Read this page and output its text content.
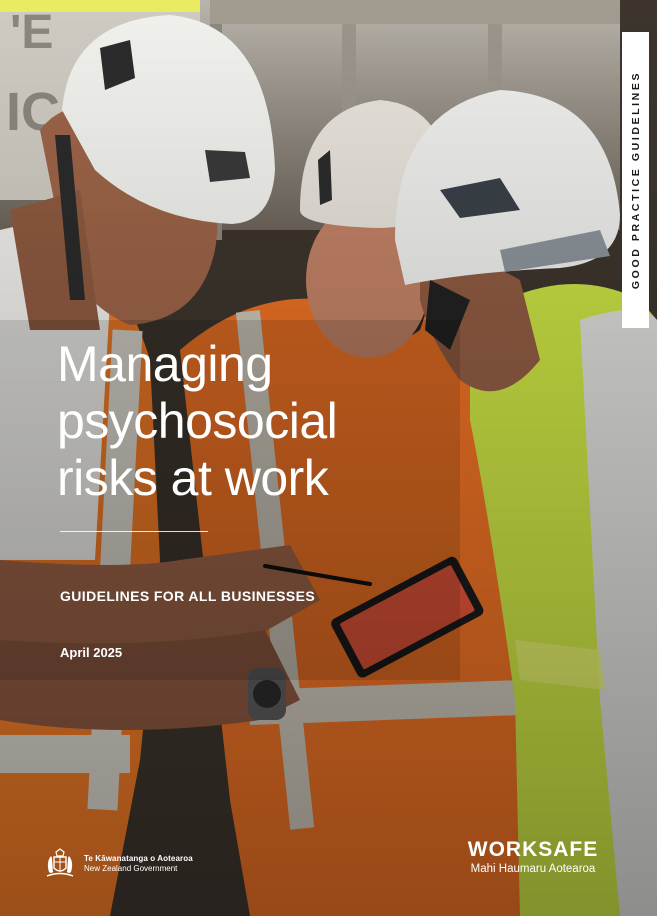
GOOD PRACTICE GUIDELINES
Managing
psychosocial
risks at work
GUIDELINES FOR ALL BUSINESSES
April 2025
Te Kāwanatanga o Aotearoa
New Zealand Government
WORKSAFE
Mahi Haumaru Aotearoa
